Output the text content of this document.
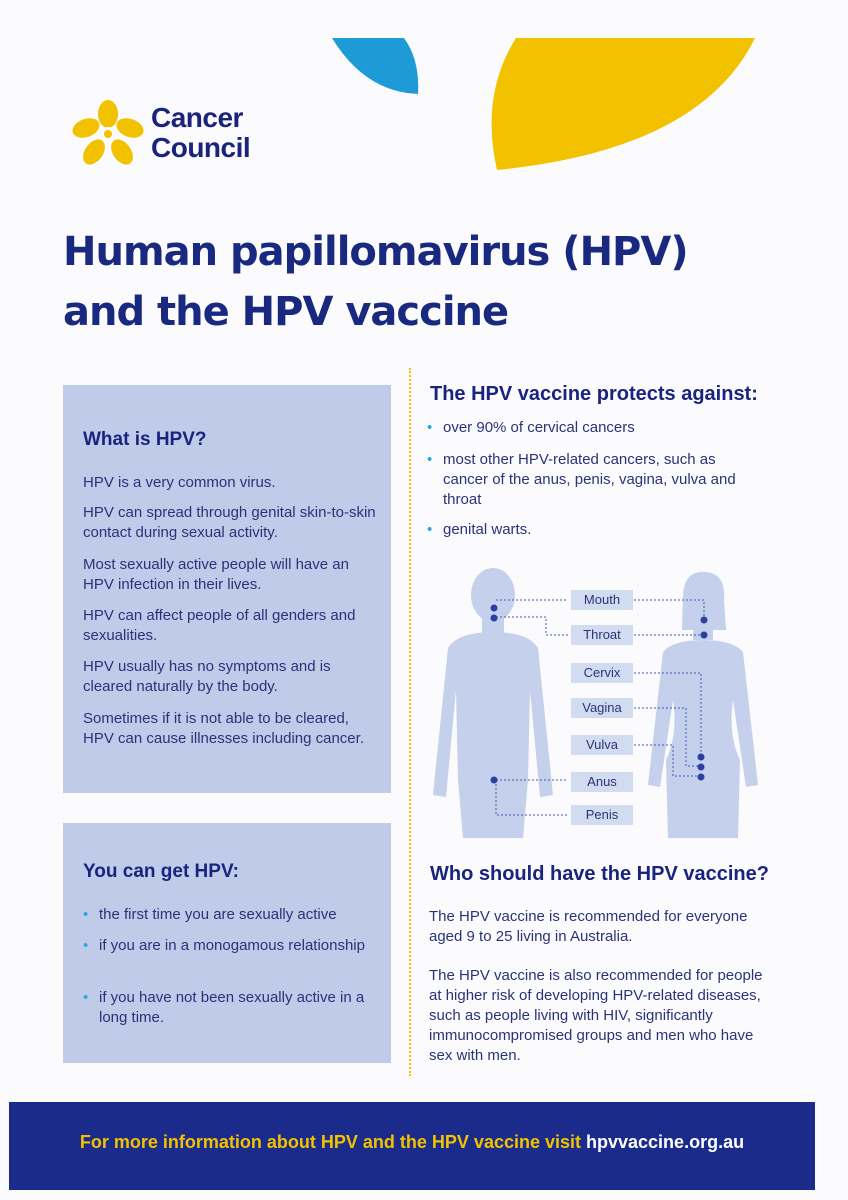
Cancer
Council
Human papillomavirus (HPV)
and the HPV vaccine
What is HPV?

HPV is a very common virus.

HPV can spread through genital skin-to-skin contact during sexual activity.

Most sexually active people will have an HPV infection in their lives.

HPV can affect people of all genders and sexualities.

HPV usually has no symptoms and is cleared naturally by the body.

Sometimes if it is not able to be cleared, HPV can cause illnesses including cancer.

You can get HPV:
• the first time you are sexually active
• if you are in a monogamous relationship
• if you have not been sexually active in a long time.
The HPV vaccine protects against:
• over 90% of cervical cancers
• most other HPV-related cancers, such as cancer of the anus, penis, vagina, vulva and throat
• genital warts.
Mouth
Throat
Cervix
Vagina
Vulva
Anus
Penis
Who should have the HPV vaccine?
The HPV vaccine is recommended for everyone aged 9 to 25 living in Australia.
The HPV vaccine is also recommended for people at higher risk of developing HPV-related diseases, such as people living with HIV, significantly immunocompromised groups and men who have sex with men.
For more information about HPV and the HPV vaccine visit hpvvaccine.org.au
